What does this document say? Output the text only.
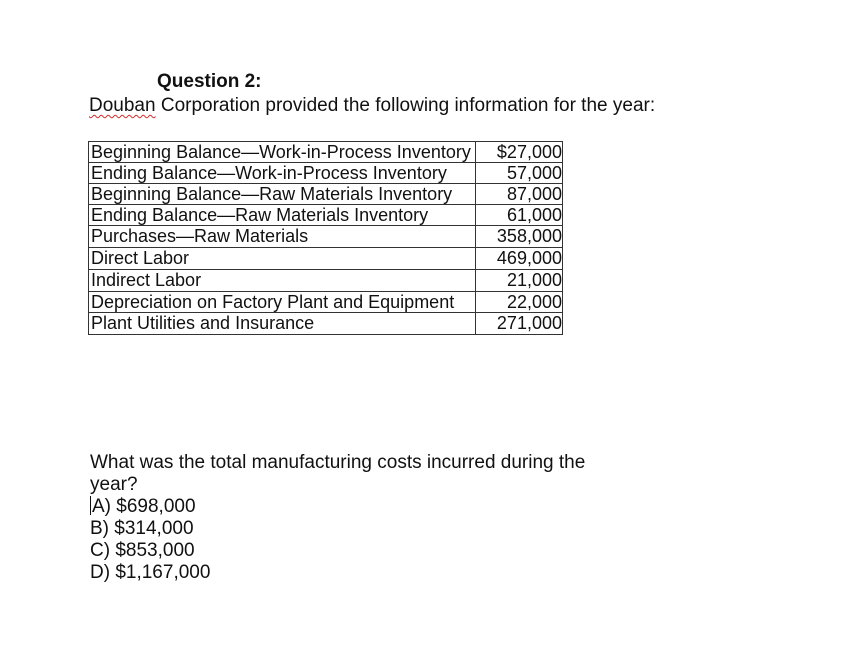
Question 2:
Douban Corporation provided the following information for the year:
Beginning Balance—Work-in-Process Inventory	$27,000
Ending Balance—Work-in-Process Inventory	57,000
Beginning Balance—Raw Materials Inventory	87,000
Ending Balance—Raw Materials Inventory	61,000
Purchases—Raw Materials	358,000
Direct Labor	469,000
Indirect Labor	21,000
Depreciation on Factory Plant and Equipment	22,000
Plant Utilities and Insurance	271,000

What was the total manufacturing costs incurred during the year?

A) $698,000

B) $314,000

C) $853,000

D) $1,167,000
